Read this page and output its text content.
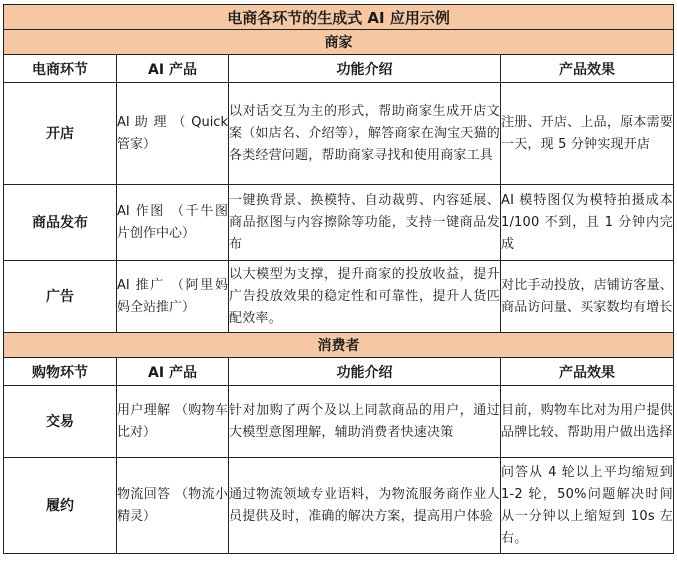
电商各环节的生成式 AI 应用示例			
商家			
电商环节	AI 产品	功能介绍	产品效果
开店	AI 助 理 （ Quick 管家）	以对话交互为主的形式，帮助商家生成开店文案（如店名、介绍等），解答商家在淘宝天猫的各类经营问题，帮助商家寻找和使用商家工具	注册、开店、上品，原本需要一天，现 5 分钟实现开店
商品发布	AI 作图 （千牛图片创作中心）	一键换背景、换模特、自动裁剪、内容延展、商品抠图与内容擦除等功能，支持一键商品发布	AI 模特图仅为模特拍摄成本 1/100 不到，且 1 分钟内完成
广告	AI 推广 （阿里妈妈全站推广）	以大模型为支撑，提升商家的投放收益，提升广告投放效果的稳定性和可靠性，提升人货匹配效率。	对比手动投放，店铺访客量、商品访问量、买家数均有增长
消费者			
购物环节	AI 产品	功能介绍	产品效果
交易	用户理解 （购物车比对）	针对加购了两个及以上同款商品的用户，通过大模型意图理解，辅助消费者快速决策	目前，购物车比对为用户提供品牌比较、帮助用户做出选择
履约	物流回答 （物流小精灵）	通过物流领域专业语料，为物流服务商作业人员提供及时，准确的解决方案，提高用户体验	问答从 4 轮以上平均缩短到 1-2 轮，50%问题解决时间从一分钟以上缩短到 10s 左右。
